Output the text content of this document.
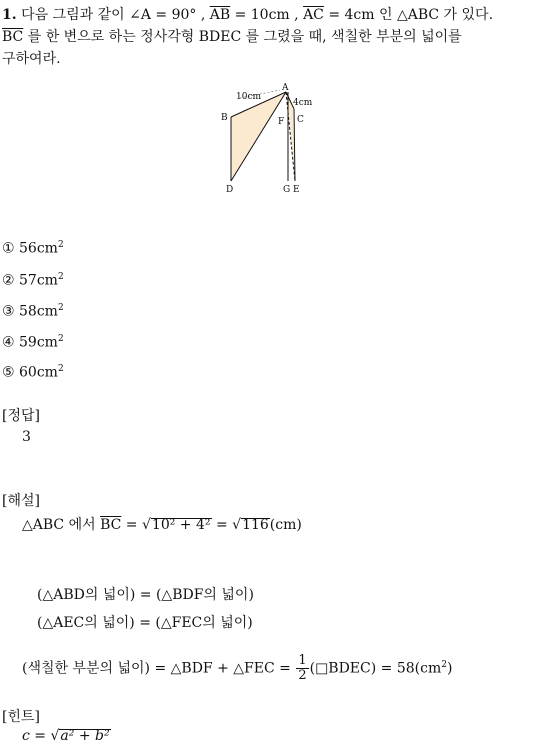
1. 다음 그림과 같이 ∠A = 90° , $\overline{AB} = 10cm$ , $\overline{AC} = 4cm$ 인 △ABC 가 있다.
$\overline{BC}$ 를 한 변으로 하는 정사각형 BDEC 를 그렸을 때, 색칠한 부분의 넓이를
구하여라.
A
B	C
D	E
F
G
10cm
4cm
① $56cm^2$
② $57cm^2$
③ $58cm^2$
④ $59cm^2$
⑤ $60cm^2$
[정답]
3
[해설]
△ABC 에서 $\overline{BC} = √10^2 + 4^2 = √116(cm)$
(△ABD의 넓이) = (△BDF의 넓이)
(△AEC의 넓이) = (△FEC의 넓이)
(색칠한 부분의 넓이) = △BDF + △FEC = $\frac{1}{2}$ (□BDEC) = $58(cm^2)$
[힌트]
c = √a² + b²
